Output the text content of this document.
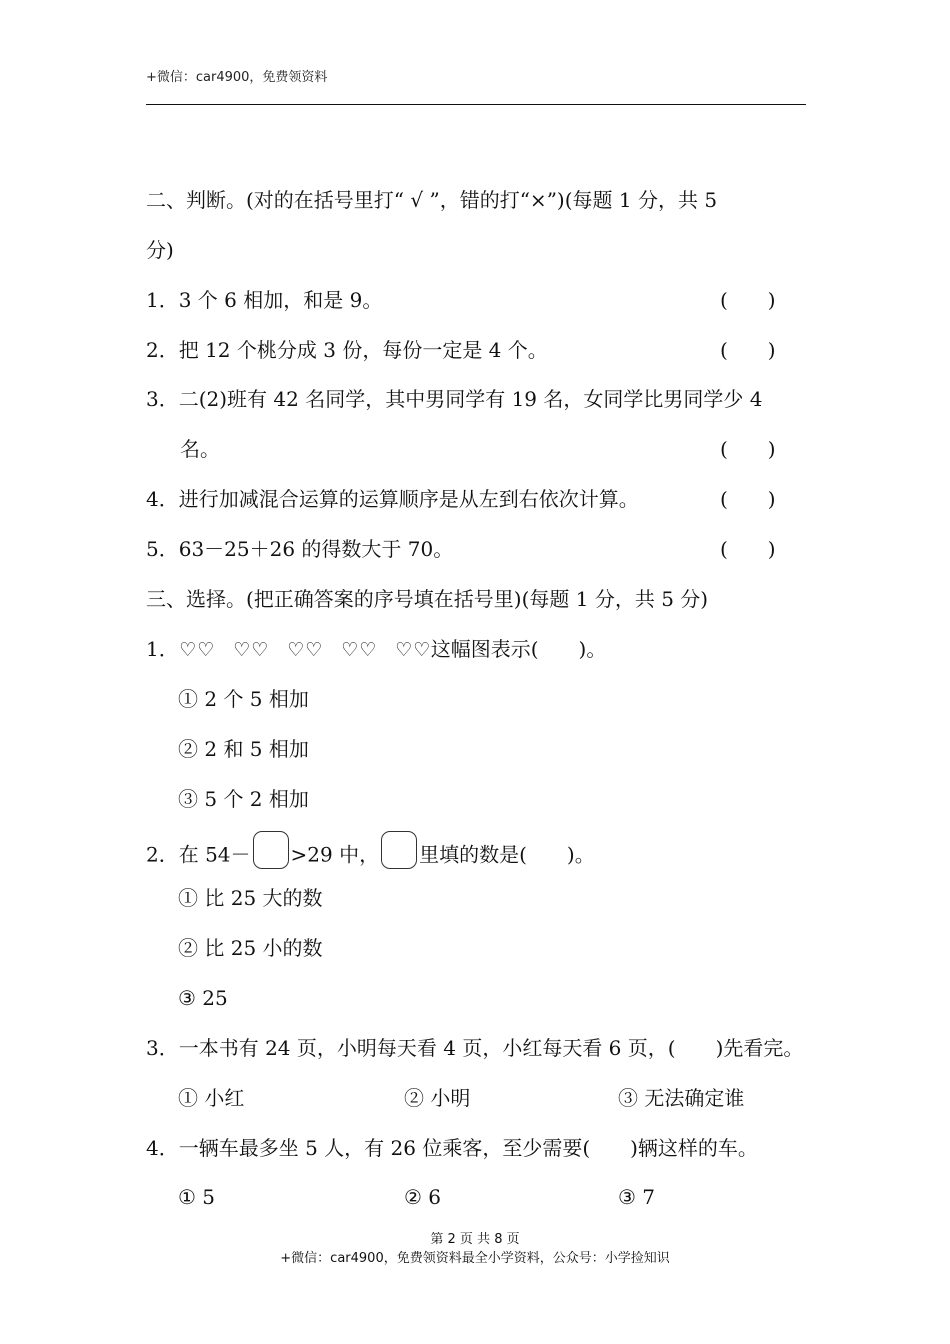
+微信：car4900，免费领资料
二、判断。(对的在括号里打“ √ ”，错的打“×”)(每题 1 分，共 5
分)
1．3 个 6 相加，和是 9。	(　　)
2．把 12 个桃分成 3 份，每份一定是 4 个。	(　　)
3．二(2)班有 42 名同学，其中男同学有 19 名，女同学比男同学少 4
名。	(　　)
4．进行加减混合运算的运算顺序是从左到右依次计算。	(　　)
5．63－25＋26 的得数大于 70。	(　　)
三、选择。(把正确答案的序号填在括号里)(每题 1 分，共 5 分)
1．♡♡ ♡♡ ♡♡ ♡♡ ♡♡这幅图表示(　　)。
① 2 个 5 相加
② 2 和 5 相加
③ 5 个 2 相加
2．在 54－ >29 中， 里填的数是(　　)。
① 比 25 大的数
② 比 25 小的数
③ 25
3．一本书有 24 页，小明每天看 4 页，小红每天看 6 页，(　　)先看完。
① 小红	② 小明	③ 无法确定谁
4．一辆车最多坐 5 人，有 26 位乘客，至少需要(　　)辆这样的车。
① 5	② 6	③ 7
第 2 页 共 8 页
+微信：car4900，免费领资料最全小学资料，公众号：小学捡知识
